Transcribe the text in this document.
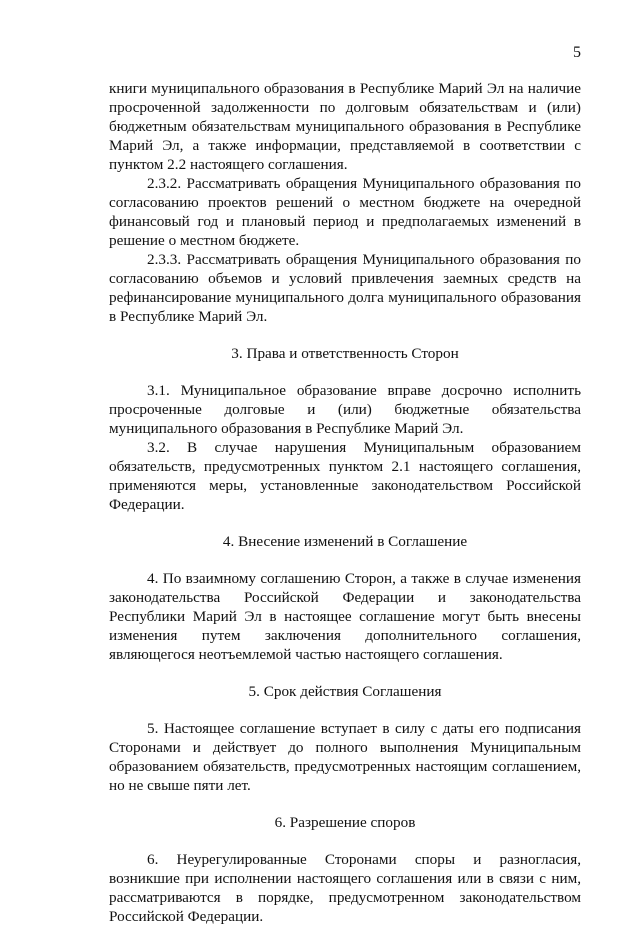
5

книги муниципального образования в Республике Марий Эл на наличие просроченной задолженности по долговым обязательствам и (или) бюджетным обязательствам муниципального образования в Республике Марий Эл, а также информации, представляемой в соответствии с пунктом 2.2 настоящего соглашения.

2.3.2. Рассматривать обращения Муниципального образования по согласованию проектов решений о местном бюджете на очередной финансовый год и плановый период и предполагаемых изменений в решение о местном бюджете.

2.3.3. Рассматривать обращения Муниципального образования по согласованию объемов и условий привлечения заемных средств на рефинансирование муниципального долга муниципального образования в Республике Марий Эл.

3. Права и ответственность Сторон

3.1. Муниципальное образование вправе досрочно исполнить просроченные долговые и (или) бюджетные обязательства муниципального образования в Республике Марий Эл.

3.2. В случае нарушения Муниципальным образованием обязательств, предусмотренных пунктом 2.1 настоящего соглашения, применяются меры, установленные законодательством Российской Федерации.

4. Внесение изменений в Соглашение

4. По взаимному соглашению Сторон, а также в случае изменения законодательства Российской Федерации и законодательства Республики Марий Эл в настоящее соглашение могут быть внесены изменения путем заключения дополнительного соглашения, являющегося неотъемлемой частью настоящего соглашения.

5. Срок действия Соглашения

5. Настоящее соглашение вступает в силу с даты его подписания Сторонами и действует до полного выполнения Муниципальным образованием обязательств, предусмотренных настоящим соглашением, но не свыше пяти лет.

6. Разрешение споров

6. Неурегулированные Сторонами споры и разногласия, возникшие при исполнении настоящего соглашения или в связи с ним, рассматриваются в порядке, предусмотренном законодательством Российской Федерации.
